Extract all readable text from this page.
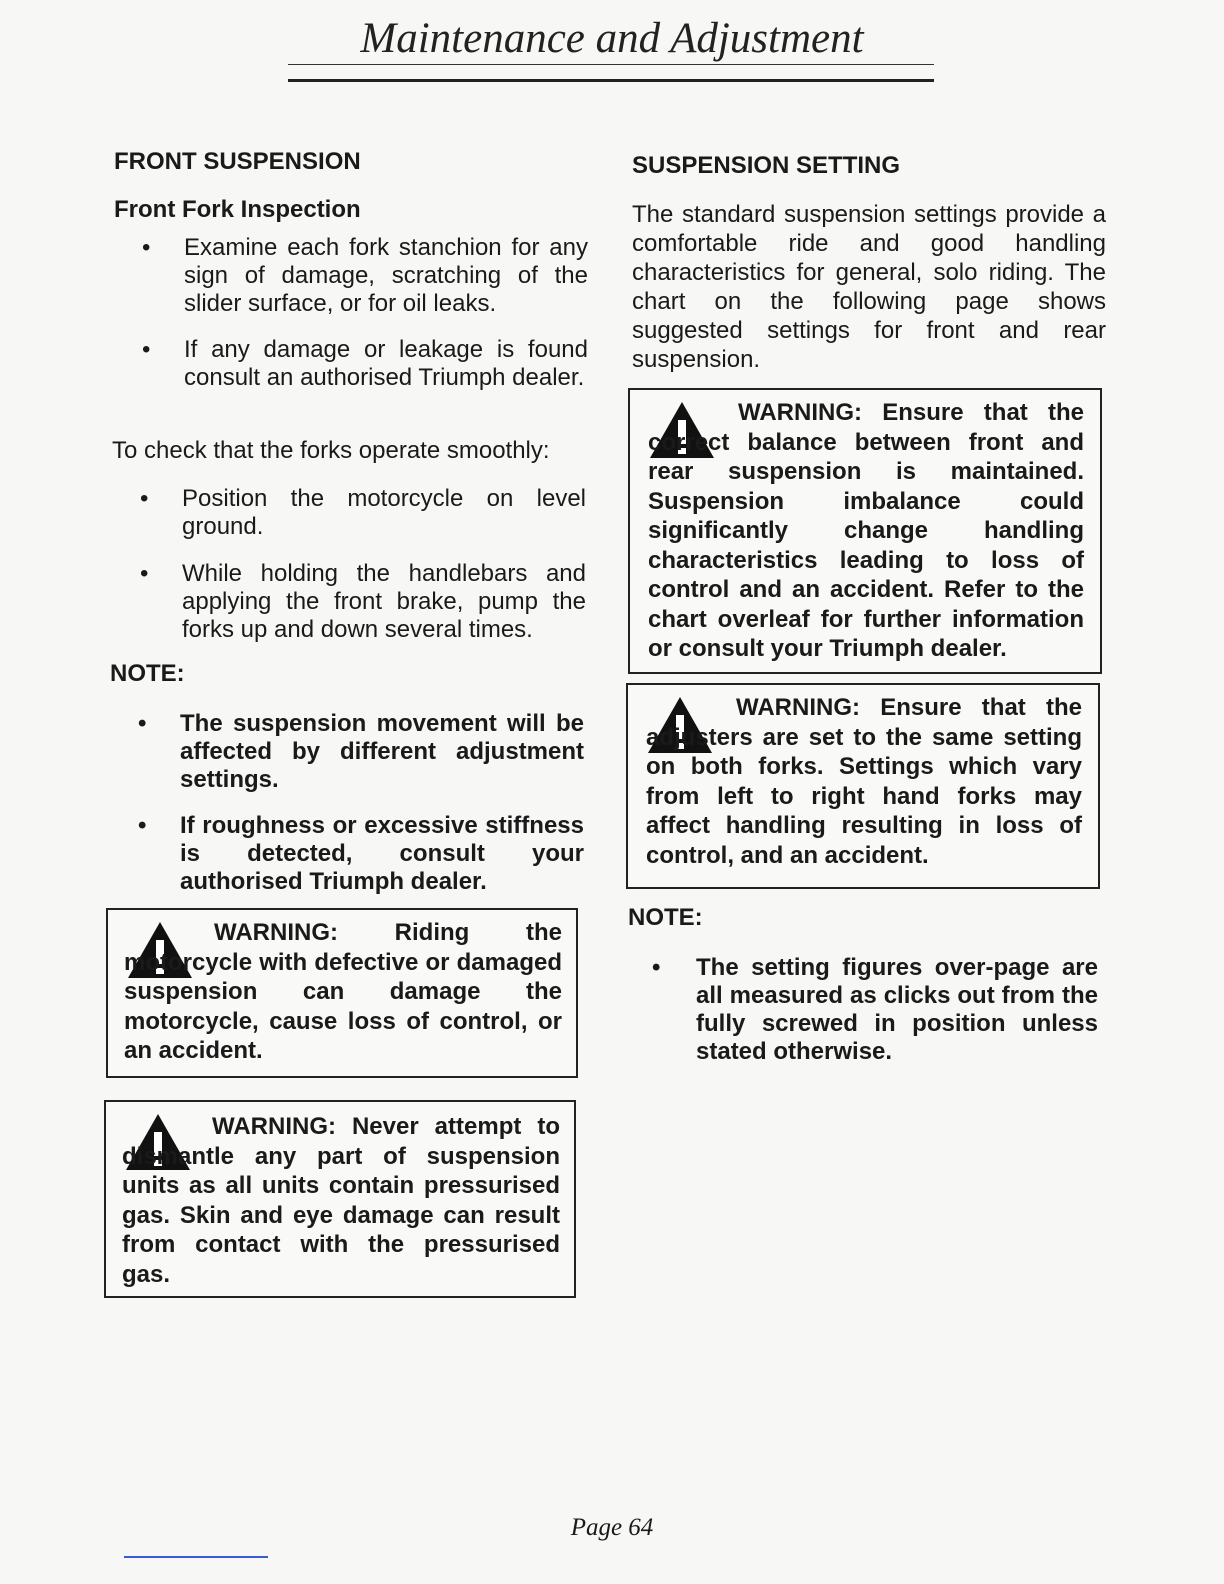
Maintenance and Adjustment
FRONT SUSPENSION
Front Fork Inspection
• Examine each fork stanchion for any sign of damage, scratching of the slider surface, or for oil leaks.
• If any damage or leakage is found consult an authorised Triumph dealer.
To check that the forks operate smoothly:
• Position the motorcycle on level ground.
• While holding the handlebars and applying the front brake, pump the forks up and down several times.
NOTE:
• The suspension movement will be affected by different adjustment settings.
• If roughness or excessive stiffness is detected, consult your authorised Triumph dealer.
WARNING: Riding the motorcycle with defective or damaged suspension can damage the motorcycle, cause loss of control, or an accident.
WARNING: Never attempt to dismantle any part of suspension units as all units contain pressurised gas. Skin and eye damage can result from contact with the pressurised gas.
SUSPENSION SETTING
The standard suspension settings provide a comfortable ride and good handling characteristics for general, solo riding. The chart on the following page shows suggested settings for front and rear suspension.
WARNING: Ensure that the correct balance between front and rear suspension is maintained. Suspension imbalance could significantly change handling characteristics leading to loss of control and an accident. Refer to the chart overleaf for further information or consult your Triumph dealer.
WARNING: Ensure that the adjusters are set to the same setting on both forks. Settings which vary from left to right hand forks may affect handling resulting in loss of control, and an accident.
NOTE:
• The setting figures over-page are all measured as clicks out from the fully screwed in position unless stated otherwise.
Page 64
